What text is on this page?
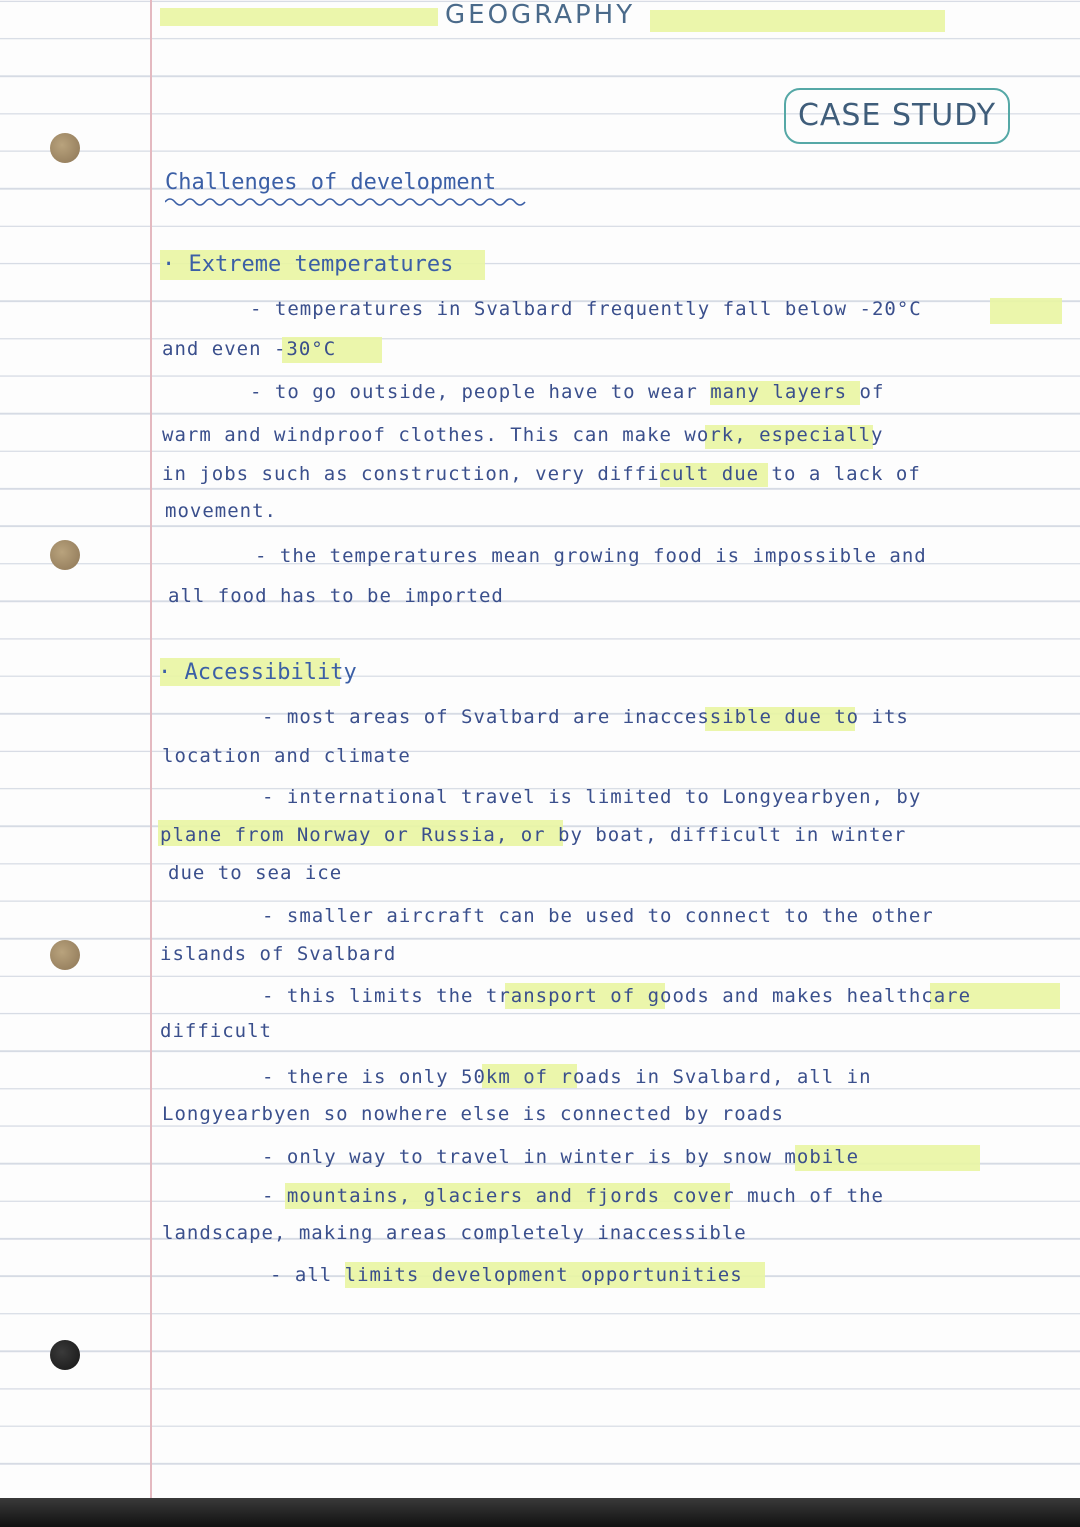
GEOGRAPHY
CASE STUDY
Challenges of development
· Extreme temperatures
- temperatures in Svalbard frequently fall below -20°C
and even -30°C
- to go outside, people have to wear many layers of
warm and windproof clothes. This can make work, especially
in jobs such as construction, very difficult due to a lack of
movement.
- the temperatures mean growing food is impossible and
all food has to be imported
· Accessibility
- most areas of Svalbard are inaccessible due to its
location and climate
- international travel is limited to Longyearbyen, by
plane from Norway or Russia, or by boat, difficult in winter
due to sea ice
- smaller aircraft can be used to connect to the other
islands of Svalbard
- this limits the transport of goods and makes healthcare
difficult
- there is only 50km of roads in Svalbard, all in
Longyearbyen so nowhere else is connected by roads
- only way to travel in winter is by snow mobile
- mountains, glaciers and fjords cover much of the
landscape, making areas completely inaccessible
- all limits development opportunities
